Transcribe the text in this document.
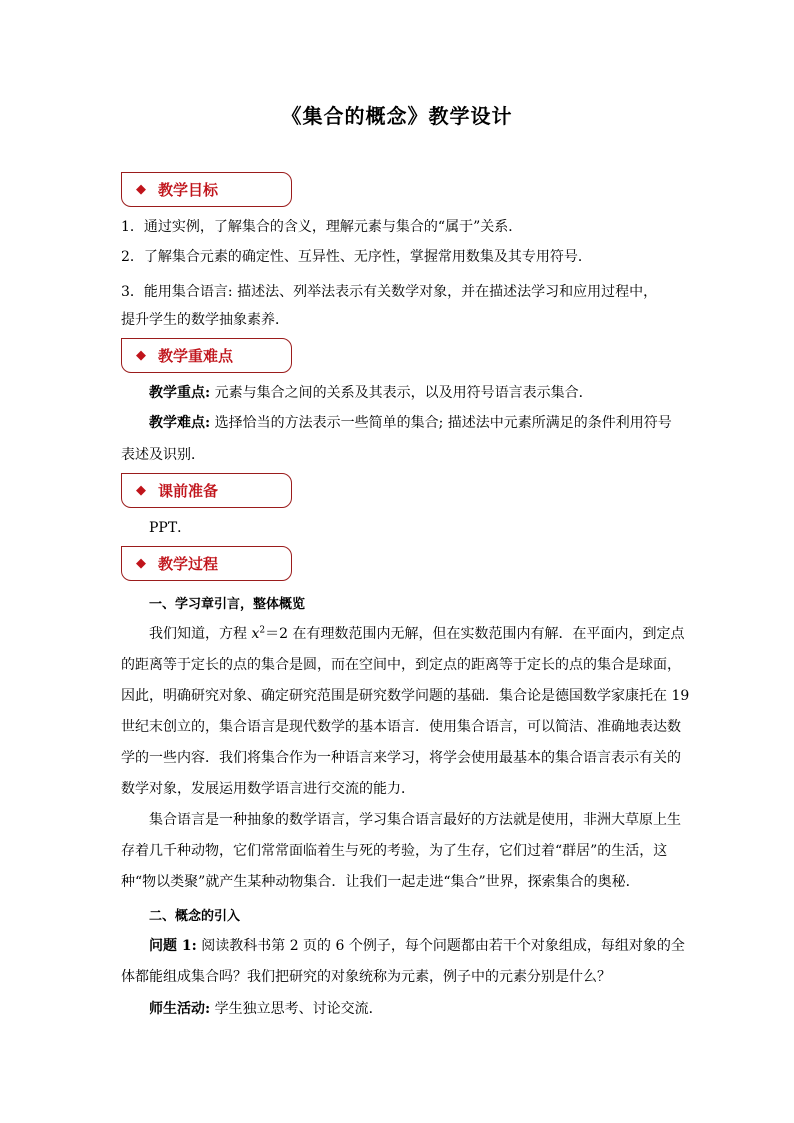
《集合的概念》教学设计
◆ 教学目标
1．通过实例，了解集合的含义，理解元素与集合的“属于”关系．
2．了解集合元素的确定性、互异性、无序性，掌握常用数集及其专用符号．
3．能用集合语言: 描述法、列举法表示有关数学对象，并在描述法学习和应用过程中，
提升学生的数学抽象素养．
◆ 教学重难点
教学重点: 元素与集合之间的关系及其表示，以及用符号语言表示集合．
教学难点: 选择恰当的方法表示一些简单的集合; 描述法中元素所满足的条件利用符号
表述及识别．
◆ 课前准备
PPT．
◆ 教学过程
一、学习章引言，整体概览
我们知道，方程 $x^2=2$ 在有理数范围内无解，但在实数范围内有解．在平面内，到定点
的距离等于定长的点的集合是圆，而在空间中，到定点的距离等于定长的点的集合是球面，
因此，明确研究对象、确定研究范围是研究数学问题的基础．集合论是德国数学家康托在 19
世纪末创立的，集合语言是现代数学的基本语言．使用集合语言，可以简洁、准确地表达数
学的一些内容．我们将集合作为一种语言来学习，将学会使用最基本的集合语言表示有关的
数学对象，发展运用数学语言进行交流的能力．
集合语言是一种抽象的数学语言，学习集合语言最好的方法就是使用，非洲大草原上生
存着几千种动物，它们常常面临着生与死的考验，为了生存，它们过着“群居”的生活，这
种“物以类聚”就产生某种动物集合．让我们一起走进“集合”世界，探索集合的奥秘．
二、概念的引入
问题 1: 阅读教科书第 2 页的 6 个例子，每个问题都由若干个对象组成，每组对象的全
体都能组成集合吗？我们把研究的对象统称为元素，例子中的元素分别是什么？
师生活动: 学生独立思考、讨论交流．
